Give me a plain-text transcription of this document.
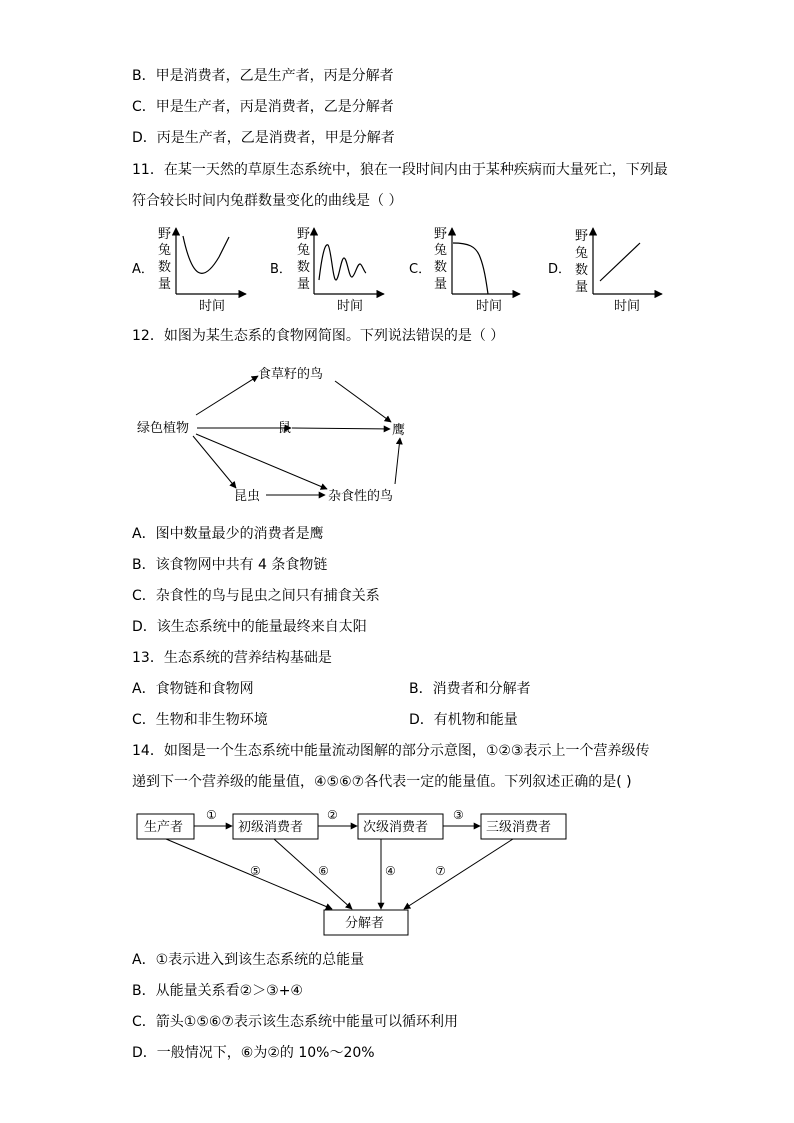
B．甲是消费者，乙是生产者，丙是分解者
C．甲是生产者，丙是消费者，乙是分解者
D．丙是生产者，乙是消费者，甲是分解者
11．在某一天然的草原生态系统中，狼在一段时间内由于某种疾病而大量死亡，下列最
符合较长时间内兔群数量变化的曲线是（ ）
A．
野
兔
数
量
时间
B．
野
兔
数
量
时间
C．
野
兔
数
量
时间
D．
野
兔
数
量
时间
12．如图为某生态系的食物网简图。下列说法错误的是（ ）
食草籽的鸟
绿色植物	鼠	鹰
昆虫	杂食性的鸟
A．图中数量最少的消费者是鹰
B．该食物网中共有 4 条食物链
C．杂食性的鸟与昆虫之间只有捕食关系
D．该生态系统中的能量最终来自太阳
13．生态系统的营养结构基础是
A．食物链和食物网	B．消费者和分解者
C．生物和非生物环境	D．有机物和能量
14．如图是一个生态系统中能量流动图解的部分示意图，①②③表示上一个营养级传
递到下一个营养级的能量值，④⑤⑥⑦各代表一定的能量值。下列叙述正确的是( )
生产者	初级消费者	次级消费者	三级消费者
分解者
①	②	③
⑤	⑥	④	⑦
A．①表示进入到该生态系统的总能量
B．从能量关系看②＞③+④
C．箭头①⑤⑥⑦表示该生态系统中能量可以循环利用
D．一般情况下，⑥为②的 10%～20%
